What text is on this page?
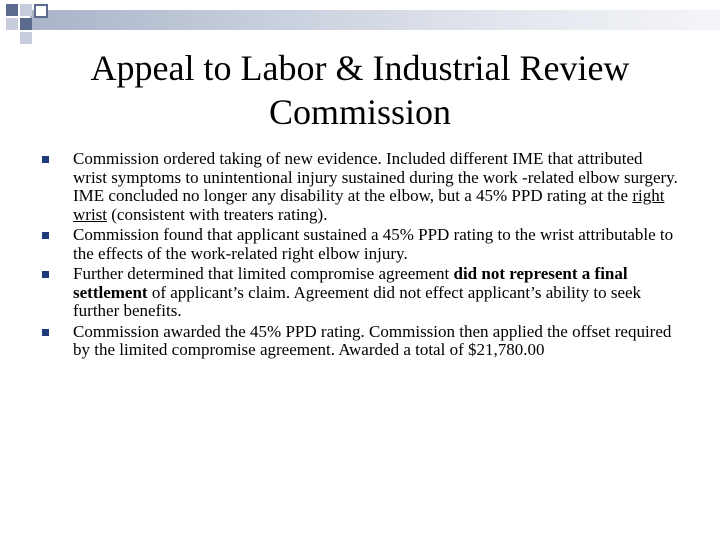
Appeal to Labor & Industrial Review
Commission
Commission ordered taking of new evidence. Included different IME that attributed wrist symptoms to unintentional injury sustained during the work -related elbow surgery. IME concluded no longer any disability at the elbow, but a 45% PPD rating at the right wrist (consistent with treaters rating).
Commission found that applicant sustained a 45% PPD rating to the wrist attributable to the effects of the work-related right elbow injury.
Further determined that limited compromise agreement did not represent a final settlement of applicant’s claim. Agreement did not effect applicant’s ability to seek further benefits.
Commission awarded the 45% PPD rating. Commission then applied the offset required by the limited compromise agreement. Awarded a total of $21,780.00
